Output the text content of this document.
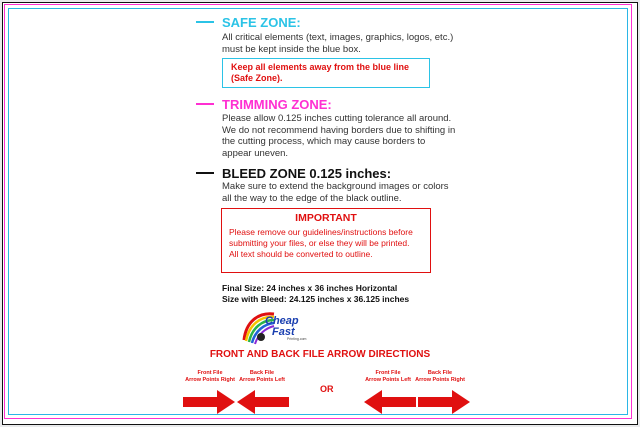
SAFE ZONE:
All critical elements (text, images, graphics, logos, etc.)
must be kept inside the blue box.
Keep all elements away from the blue line
(Safe Zone).
TRIMMING ZONE:
Please allow 0.125 inches cutting tolerance all around.
We do not recommend having borders due to shifting in
the cutting process, which may cause borders to
appear uneven.
BLEED ZONE 0.125 inches:
Make sure to extend the background images or colors
all the way to the edge of the black outline.
IMPORTANT
Please remove our guidelines/instructions before
submitting your files, or else they will be printed.
All text should be converted to outline.
Final Size: 24 inches x 36 inches Horizontal
Size with Bleed: 24.125 inches x 36.125 inches
Cheap
Fast
Printing.com
FRONT AND BACK FILE ARROW DIRECTIONS
Front File
Arrow Points Right
Back File
Arrow Points Left
Front File
Arrow Points Left
Back File
Arrow Points Right
OR
